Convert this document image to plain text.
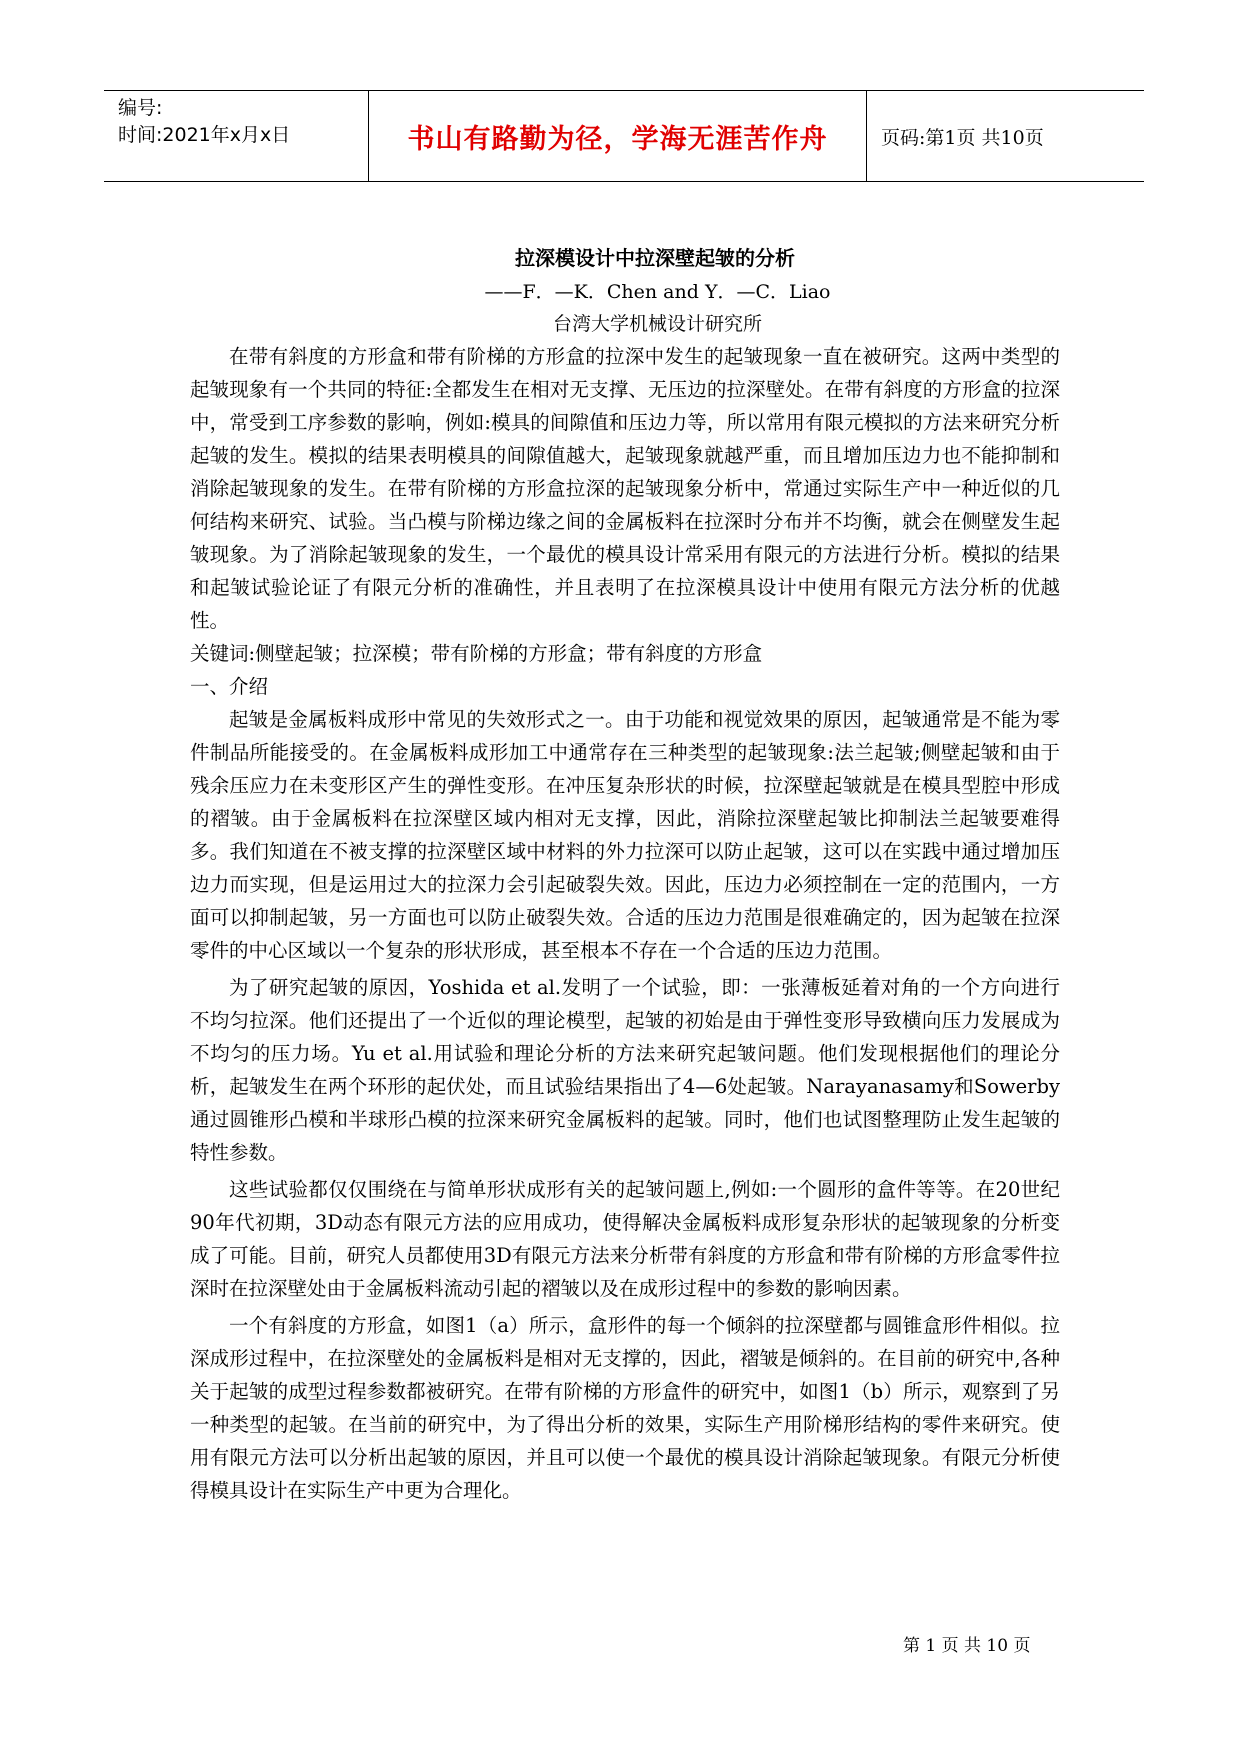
编号:
时间:2021年x月x日	书山有路勤为径，学海无涯苦作舟	页码:第1页 共10页
拉深模设计中拉深壁起皱的分析
——F．—K．Chen and Y．—C．Liao
台湾大学机械设计研究所

在带有斜度的方形盒和带有阶梯的方形盒的拉深中发生的起皱现象一直在被研究。这两中类型的起皱现象有一个共同的特征:全都发生在相对无支撑、无压边的拉深壁处。在带有斜度的方形盒的拉深中，常受到工序参数的影响，例如:模具的间隙值和压边力等，所以常用有限元模拟的方法来研究分析起皱的发生。模拟的结果表明模具的间隙值越大，起皱现象就越严重，而且增加压边力也不能抑制和消除起皱现象的发生。在带有阶梯的方形盒拉深的起皱现象分析中，常通过实际生产中一种近似的几何结构来研究、试验。当凸模与阶梯边缘之间的金属板料在拉深时分布并不均衡，就会在侧壁发生起皱现象。为了消除起皱现象的发生，一个最优的模具设计常采用有限元的方法进行分析。模拟的结果和起皱试验论证了有限元分析的准确性，并且表明了在拉深模具设计中使用有限元方法分析的优越性。

关键词:侧壁起皱；拉深模；带有阶梯的方形盒；带有斜度的方形盒

一、介绍

起皱是金属板料成形中常见的失效形式之一。由于功能和视觉效果的原因，起皱通常是不能为零件制品所能接受的。在金属板料成形加工中通常存在三种类型的起皱现象:法兰起皱;侧壁起皱和由于残余压应力在未变形区产生的弹性变形。在冲压复杂形状的时候，拉深壁起皱就是在模具型腔中形成的褶皱。由于金属板料在拉深壁区域内相对无支撑，因此，消除拉深壁起皱比抑制法兰起皱要难得多。我们知道在不被支撑的拉深壁区域中材料的外力拉深可以防止起皱，这可以在实践中通过增加压边力而实现，但是运用过大的拉深力会引起破裂失效。因此，压边力必须控制在一定的范围内，一方面可以抑制起皱，另一方面也可以防止破裂失效。合适的压边力范围是很难确定的，因为起皱在拉深零件的中心区域以一个复杂的形状形成，甚至根本不存在一个合适的压边力范围。

为了研究起皱的原因，Yoshida et al.发明了一个试验，即：一张薄板延着对角的一个方向进行不均匀拉深。他们还提出了一个近似的理论模型，起皱的初始是由于弹性变形导致横向压力发展成为不均匀的压力场。Yu et al.用试验和理论分析的方法来研究起皱问题。他们发现根据他们的理论分析，起皱发生在两个环形的起伏处，而且试验结果指出了4—6处起皱。Narayanasamy和Sowerby通过圆锥形凸模和半球形凸模的拉深来研究金属板料的起皱。同时，他们也试图整理防止发生起皱的特性参数。

这些试验都仅仅围绕在与简单形状成形有关的起皱问题上,例如:一个圆形的盒件等等。在20世纪90年代初期，3D动态有限元方法的应用成功，使得解决金属板料成形复杂形状的起皱现象的分析变成了可能。目前，研究人员都使用3D有限元方法来分析带有斜度的方形盒和带有阶梯的方形盒零件拉深时在拉深壁处由于金属板料流动引起的褶皱以及在成形过程中的参数的影响因素。

一个有斜度的方形盒，如图1（a）所示，盒形件的每一个倾斜的拉深壁都与圆锥盒形件相似。拉深成形过程中，在拉深壁处的金属板料是相对无支撑的，因此，褶皱是倾斜的。在目前的研究中,各种关于起皱的成型过程参数都被研究。在带有阶梯的方形盒件的研究中，如图1（b）所示，观察到了另一种类型的起皱。在当前的研究中，为了得出分析的效果，实际生产用阶梯形结构的零件来研究。使用有限元方法可以分析出起皱的原因，并且可以使一个最优的模具设计消除起皱现象。有限元分析使得模具设计在实际生产中更为合理化。

第 1 页 共 10 页
